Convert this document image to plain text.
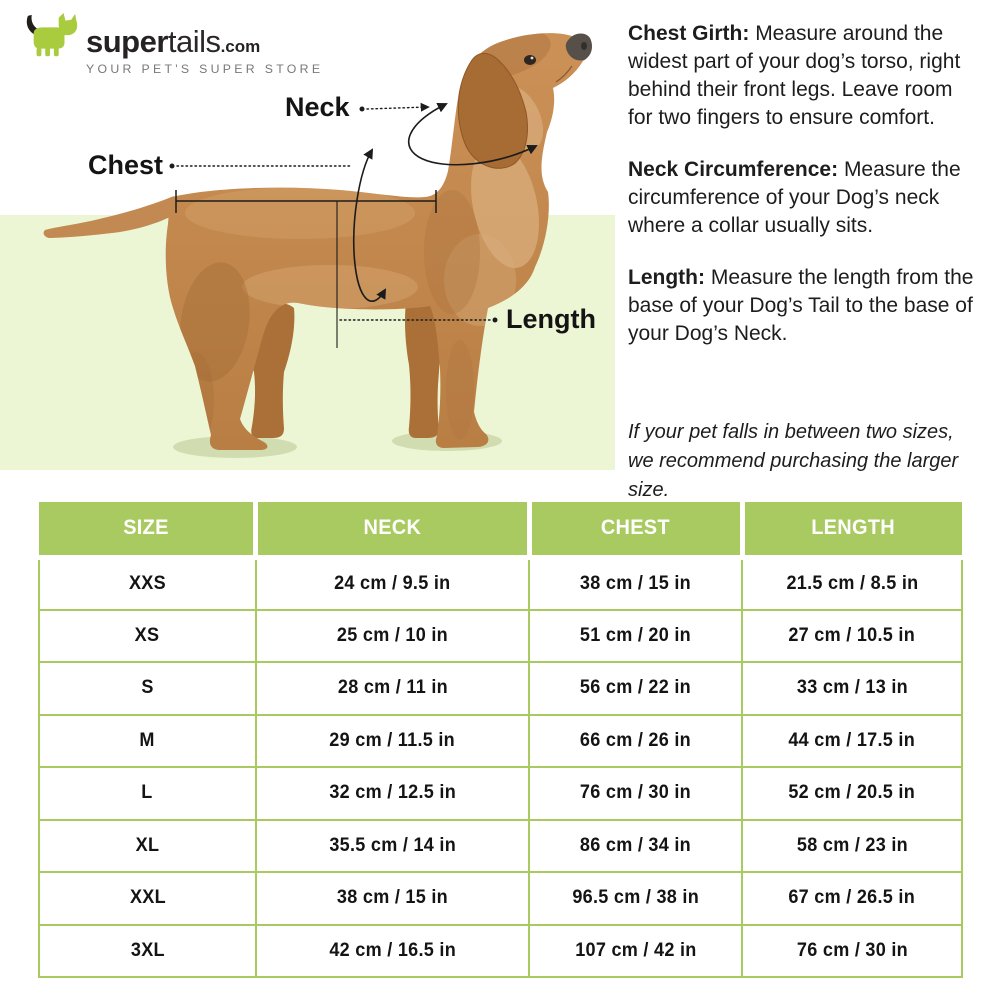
Neck
Chest
Length
super tails .com
YOUR PET'S SUPER STORE

Chest Girth: Measure around the widest part of your dog’s torso, right behind their front legs. Leave room for two fingers to ensure comfort.

Neck Circumference: Measure the circumference of your Dog’s neck where a collar usually sits.

Length: Measure the length from the base of your Dog’s Tail to the base of your Dog’s Neck.

If your pet falls in between two sizes, we recommend purchasing the larger size.

SIZE	NECK	CHEST	LENGTH
XXS	24 cm / 9.5 in	38 cm / 15 in	21.5 cm / 8.5 in
XS	25 cm / 10 in	51 cm / 20 in	27 cm / 10.5 in
S	28 cm / 11 in	56 cm / 22 in	33 cm / 13 in
M	29 cm / 11.5 in	66 cm / 26 in	44 cm / 17.5 in
L	32 cm / 12.5 in	76 cm / 30 in	52 cm / 20.5 in
XL	35.5 cm / 14 in	86 cm / 34 in	58 cm / 23 in
XXL	38 cm / 15 in	96.5 cm / 38 in	67 cm / 26.5 in
3XL	42 cm / 16.5 in	107 cm / 42 in	76 cm / 30 in
